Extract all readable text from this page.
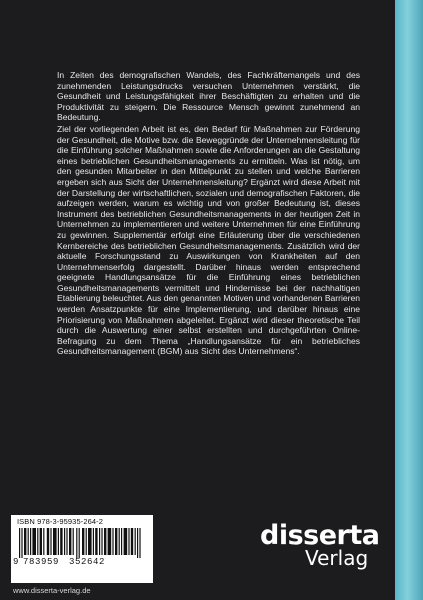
In Zeiten des demografischen Wandels, des Fachkräftemangels und des zunehmenden Leistungsdrucks versuchen Unternehmen verstärkt, die Gesundheit und Leistungsfähigkeit ihrer Beschäftigten zu erhalten und die Produktivität zu steigern. Die Ressource Mensch gewinnt zunehmend an Bedeutung.

Ziel der vorliegenden Arbeit ist es, den Bedarf für Maßnahmen zur Förderung der Gesundheit, die Motive bzw. die Beweggründe der Unternehmensleitung für die Einführung solcher Maßnahmen sowie die Anforderungen an die Gestaltung eines betrieblichen Gesundheitsmanagements zu ermitteln. Was ist nötig, um den gesunden Mitarbeiter in den Mittelpunkt zu stellen und welche Barrieren ergeben sich aus Sicht der Unternehmensleitung? Ergänzt wird diese Arbeit mit der Darstellung der wirtschaftlichen, sozialen und demografischen Faktoren, die aufzeigen werden, warum es wichtig und von großer Bedeutung ist, dieses Instrument des betrieblichen Gesundheitsmanagements in der heutigen Zeit in Unternehmen zu implementieren und weitere Unternehmen für eine Einführung zu gewinnen. Supplementär erfolgt eine Erläuterung über die verschiedenen Kernbereiche des betrieblichen Gesundheitsmanagements. Zusätzlich wird der aktuelle Forschungsstand zu Auswirkungen von Krankheiten auf den Unternehmenserfolg dargestellt. Darüber hinaus werden entsprechend geeignete Handlungsansätze für die Einführung eines betrieblichen Gesundheitsmanagements vermittelt und Hindernisse bei der nachhaltigen Etablierung beleuchtet. Aus den genannten Motiven und vorhandenen Barrieren werden Ansatzpunkte für eine Implementierung, und darüber hinaus eine Priorisierung von Maßnahmen abgeleitet. Ergänzt wird dieser theoretische Teil durch die Auswertung einer selbst erstellten und durchgeführten Online-Befragung zu dem Thema „Handlungsansätze für ein betriebliches Gesundheitsmanagement (BGM) aus Sicht des Unternehmens“.

ISBN 978-3-95935-264-2
9 783959 352642
www.disserta-verlag.de
disserta
Verlag
